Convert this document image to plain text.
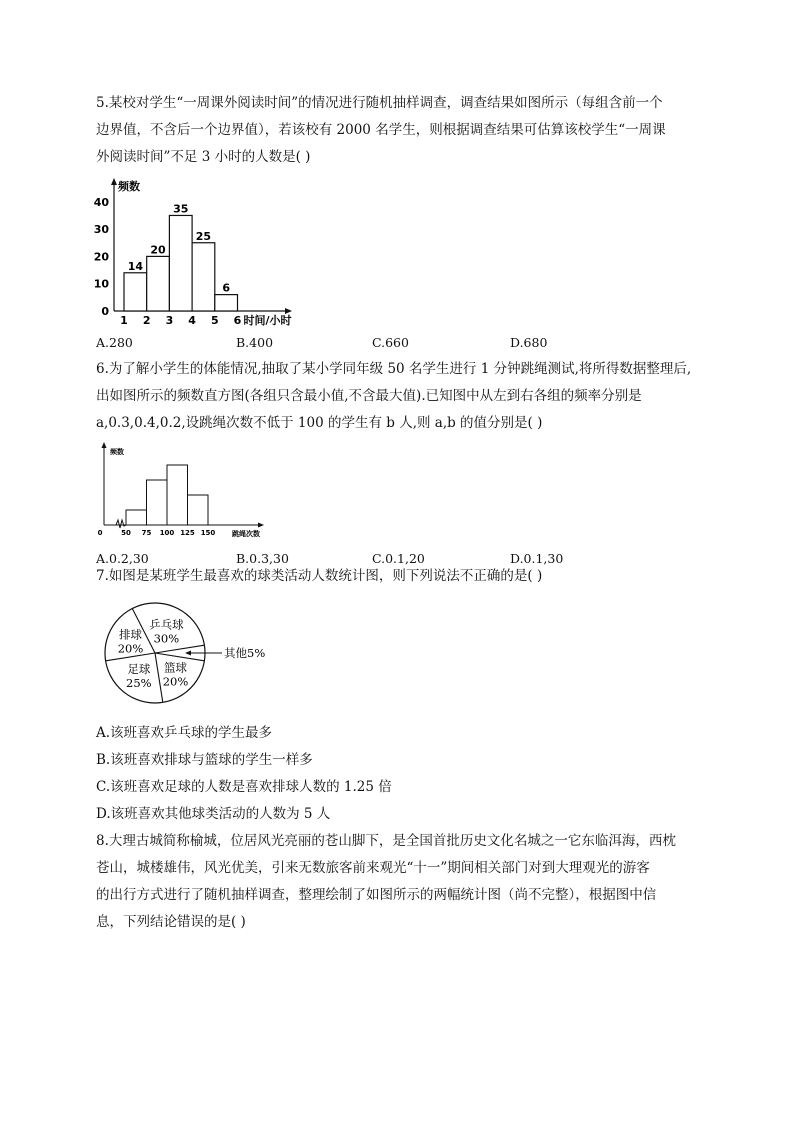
5.某校对学生“一周课外阅读时间”的情况进行随机抽样调查，调查结果如图所示（每组含前一个
边界值，不含后一个边界值），若该校有 2000 名学生，则根据调查结果可估算该校学生“一周课
外阅读时间”不足 3 小时的人数是( )
频数
时间/小时
0
10
20
30
40
1 2 3 4 5 6
14
20
35
25
6
A.280	B.400	C.660	D.680
6.为了解小学生的体能情况,抽取了某小学同年级 50 名学生进行 1 分钟跳绳测试,将所得数据整理后,
出如图所示的频数直方图(各组只含最小值,不含最大值).已知图中从左到右各组的频率分别是
a,0.3,0.4,0.2,设跳绳次数不低于 100 的学生有 b 人,则 a,b 的值分别是( )
频数
0	跳绳次数
50 75 100 125 150
A.0.2,30	B.0.3,30	C.0.1,20	D.0.1,30
7.如图是某班学生最喜欢的球类活动人数统计图，则下列说法不正确的是( )
乒乓球
30%
其他5%
篮球
20%
足球
25%
排球
20%
A.该班喜欢乒乓球的学生最多
B.该班喜欢排球与篮球的学生一样多
C.该班喜欢足球的人数是喜欢排球人数的 1.25 倍
D.该班喜欢其他球类活动的人数为 5 人
8.大理古城简称榆城，位居风光亮丽的苍山脚下，是全国首批历史文化名城之一它东临洱海，西枕
苍山，城楼雄伟，风光优美，引来无数旅客前来观光“十一”期间相关部门对到大理观光的游客
的出行方式进行了随机抽样调查，整理绘制了如图所示的两幅统计图（尚不完整），根据图中信
息，下列结论错误的是( )
